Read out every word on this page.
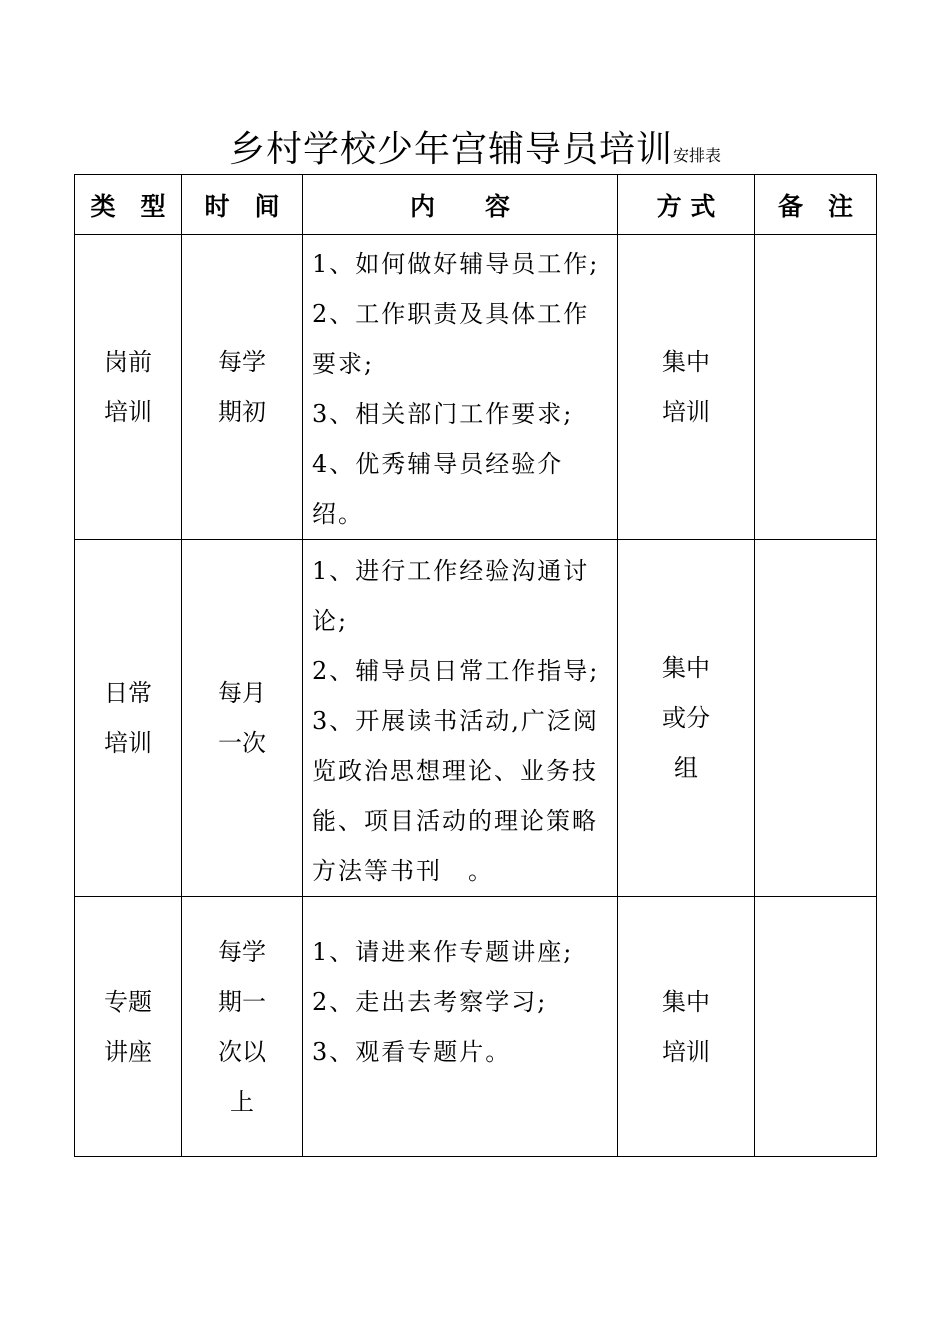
乡村学校少年宫辅导员培训安排表
类　型	时　间	内　　容	方 式	备　注

岗前
培训	每学
期初	1、如何做好辅导员工作;
2、工作职责及具体工作要求;
3、相关部门工作要求;
4、优秀辅导员经验介绍。	集中
培训	

日常
培训	每月
一次	1、进行工作经验沟通讨论;
2、辅导员日常工作指导;
3、开展读书活动,广泛阅览政治思想理论、业务技能、项目活动的理论策略方法等书刊　。	集中
或分
组	

专题
讲座	每学
期一
次以
上	1、请进来作专题讲座;
2、走出去考察学习;
3、观看专题片。	集中
培训	
